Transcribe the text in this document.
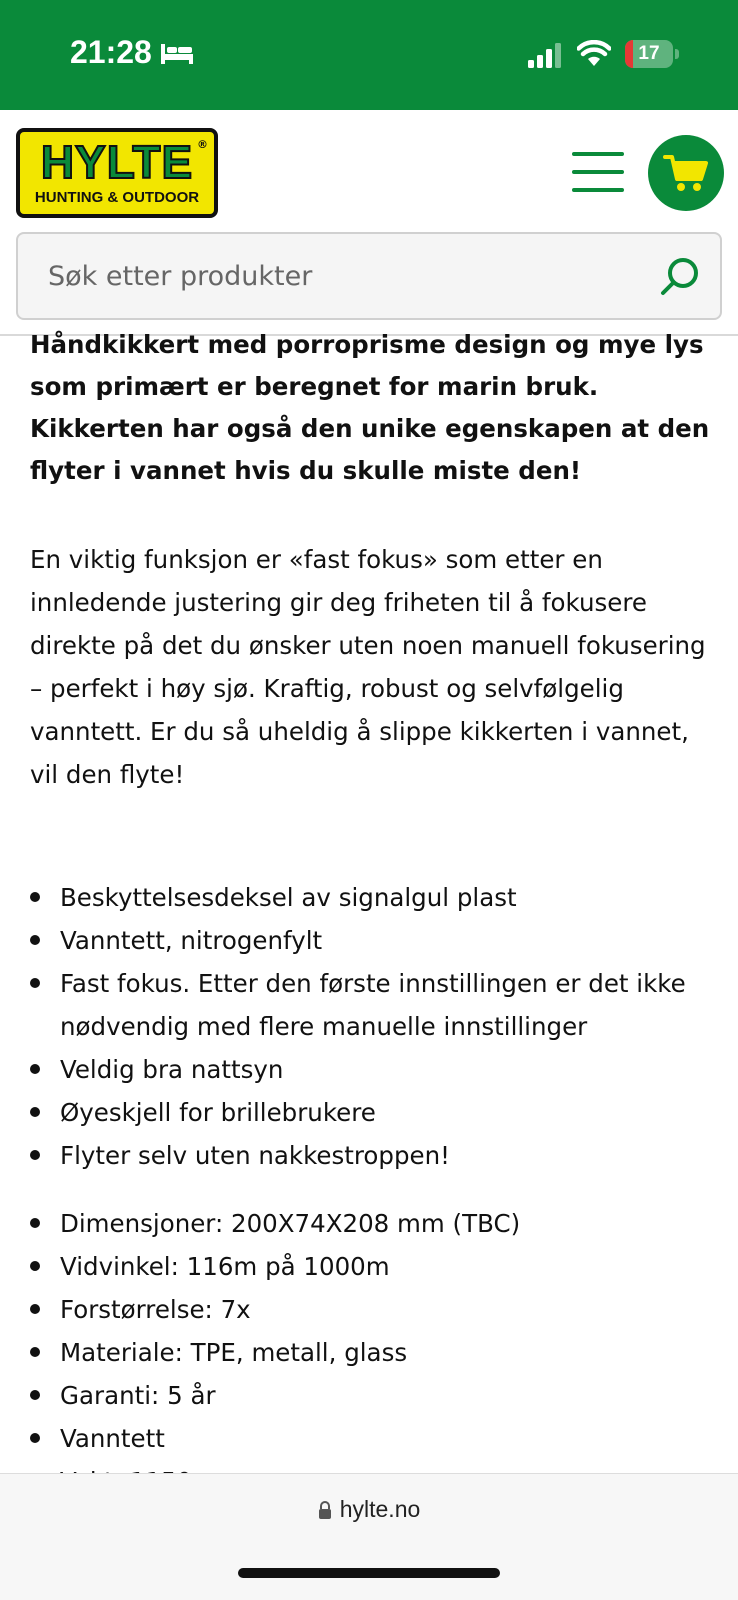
21:28	17
HYLTE ®
HUNTING & OUTDOOR
Søk etter produkter

Håndkikkert med porroprisme design og mye lys som primært er beregnet for marin bruk. Kikkerten har også den unike egenskapen at den flyter i vannet hvis du skulle miste den!

En viktig funksjon er «fast fokus» som etter en innledende justering gir deg friheten til å fokusere direkte på det du ønsker uten noen manuell fokusering – perfekt i høy sjø. Kraftig, robust og selvfølgelig vanntett. Er du så uheldig å slippe kikkerten i vannet, vil den flyte!

Beskyttelsesdeksel av signalgul plast
Vanntett, nitrogenfylt
Fast fokus. Etter den første innstillingen er det ikke nødvendig med flere manuelle innstillinger
Veldig bra nattsyn
Øyeskjell for brillebrukere
Flyter selv uten nakkestroppen!
Dimensjoner: 200X74X208 mm (TBC)
Vidvinkel: 116m på 1000m
Forstørrelse: 7x
Materiale: TPE, metall, glass
Garanti: 5 år
Vanntett
hylte.no
